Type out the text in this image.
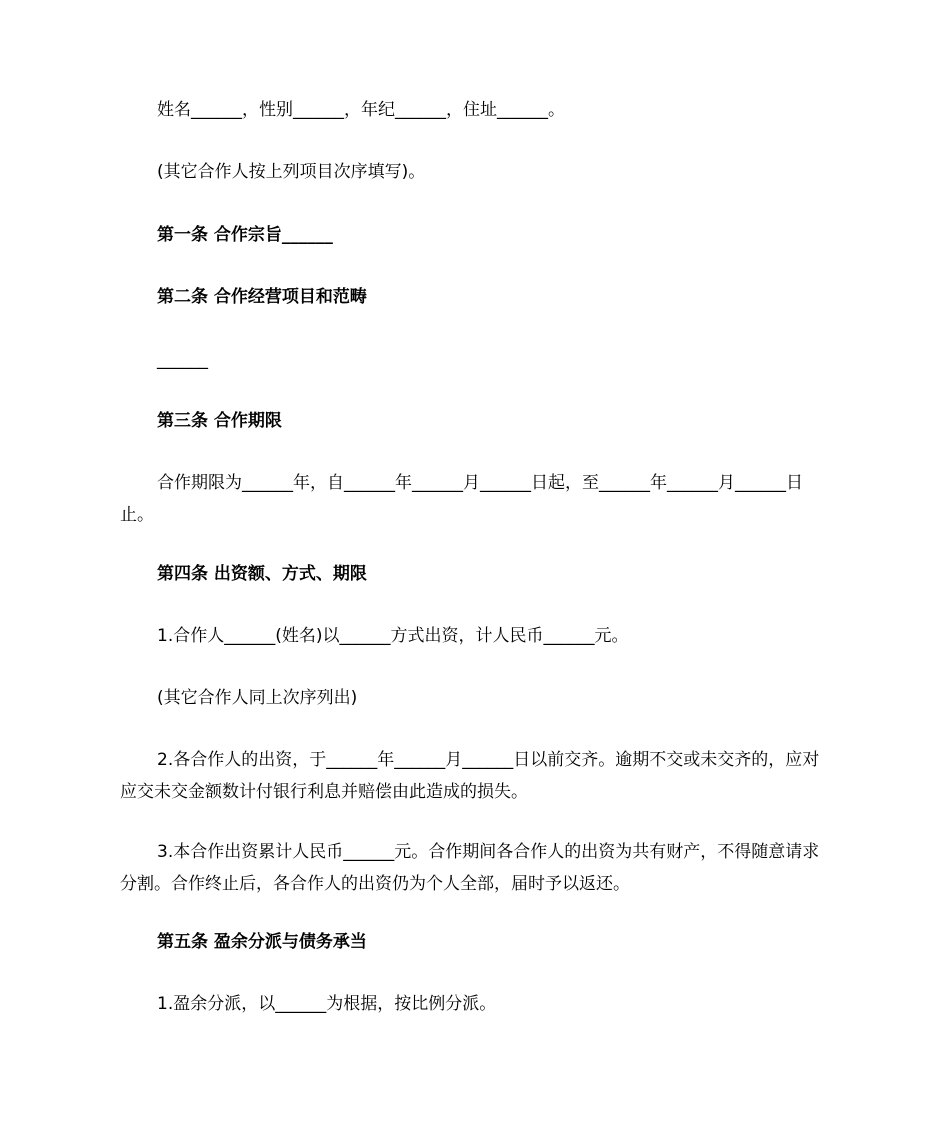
姓名______，性别______，年纪______，住址______。

(其它合作人按上列项目次序填写)。

第一条 合作宗旨______

第二条 合作经营项目和范畴

______

第三条 合作期限

合作期限为______年，自______年______月______日起，至______年______月______日止。

第四条 出资额、方式、期限

1.合作人______(姓名)以______方式出资，计人民币______元。

(其它合作人同上次序列出)

2.各合作人的出资，于______年______月______日以前交齐。逾期不交或未交齐的，应对应交未交金额数计付银行利息并赔偿由此造成的损失。

3.本合作出资累计人民币______元。合作期间各合作人的出资为共有财产，不得随意请求分割。合作终止后，各合作人的出资仍为个人全部，届时予以返还。

第五条 盈余分派与债务承当

1.盈余分派，以______为根据，按比例分派。
